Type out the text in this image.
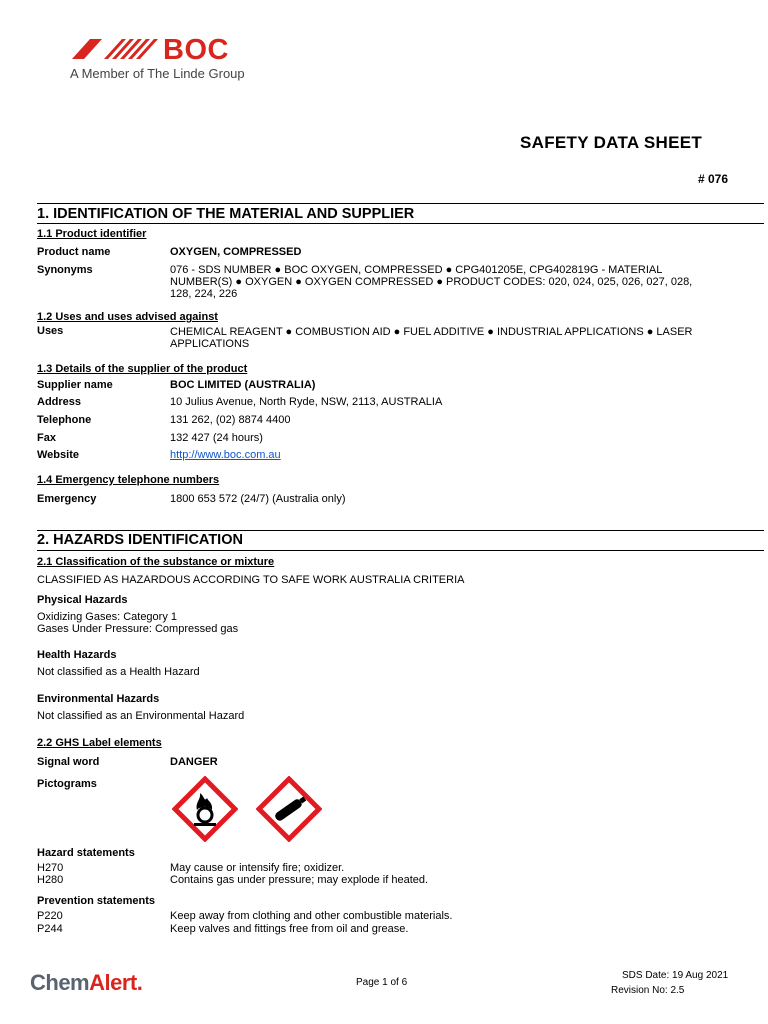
BOC
A Member of The Linde Group
SAFETY DATA SHEET
# 076
1. IDENTIFICATION OF THE MATERIAL AND SUPPLIER
1.1 Product identifier
Product name	OXYGEN, COMPRESSED
Synonyms	076 - SDS NUMBER ● BOC OXYGEN, COMPRESSED ● CPG401205E, CPG402819G - MATERIAL
NUMBER(S) ● OXYGEN ● OXYGEN COMPRESSED ● PRODUCT CODES: 020, 024, 025, 026, 027, 028,
128, 224, 226
1.2 Uses and uses advised against
Uses	CHEMICAL REAGENT ● COMBUSTION AID ● FUEL ADDITIVE ● INDUSTRIAL APPLICATIONS ● LASER
APPLICATIONS
1.3 Details of the supplier of the product
Supplier name	BOC LIMITED (AUSTRALIA)
Address	10 Julius Avenue, North Ryde, NSW, 2113, AUSTRALIA
Telephone	131 262, (02) 8874 4400
Fax	132 427 (24 hours)
Website	http://www.boc.com.au
1.4 Emergency telephone numbers
Emergency	1800 653 572 (24/7) (Australia only)
2. HAZARDS IDENTIFICATION
2.1 Classification of the substance or mixture
CLASSIFIED AS HAZARDOUS ACCORDING TO SAFE WORK AUSTRALIA CRITERIA
Physical Hazards
Oxidizing Gases: Category 1
Gases Under Pressure: Compressed gas
Health Hazards
Not classified as a Health Hazard
Environmental Hazards
Not classified as an Environmental Hazard
2.2 GHS Label elements
Signal word	DANGER
Pictograms
Hazard statements
H270	May cause or intensify fire; oxidizer.
H280	Contains gas under pressure; may explode if heated.
Prevention statements
P220	Keep away from clothing and other combustible materials.
P244	Keep valves and fittings free from oil and grease.
ChemAlert.	Page 1 of 6
SDS Date: 19 Aug 2021
Revision No: 2.5
